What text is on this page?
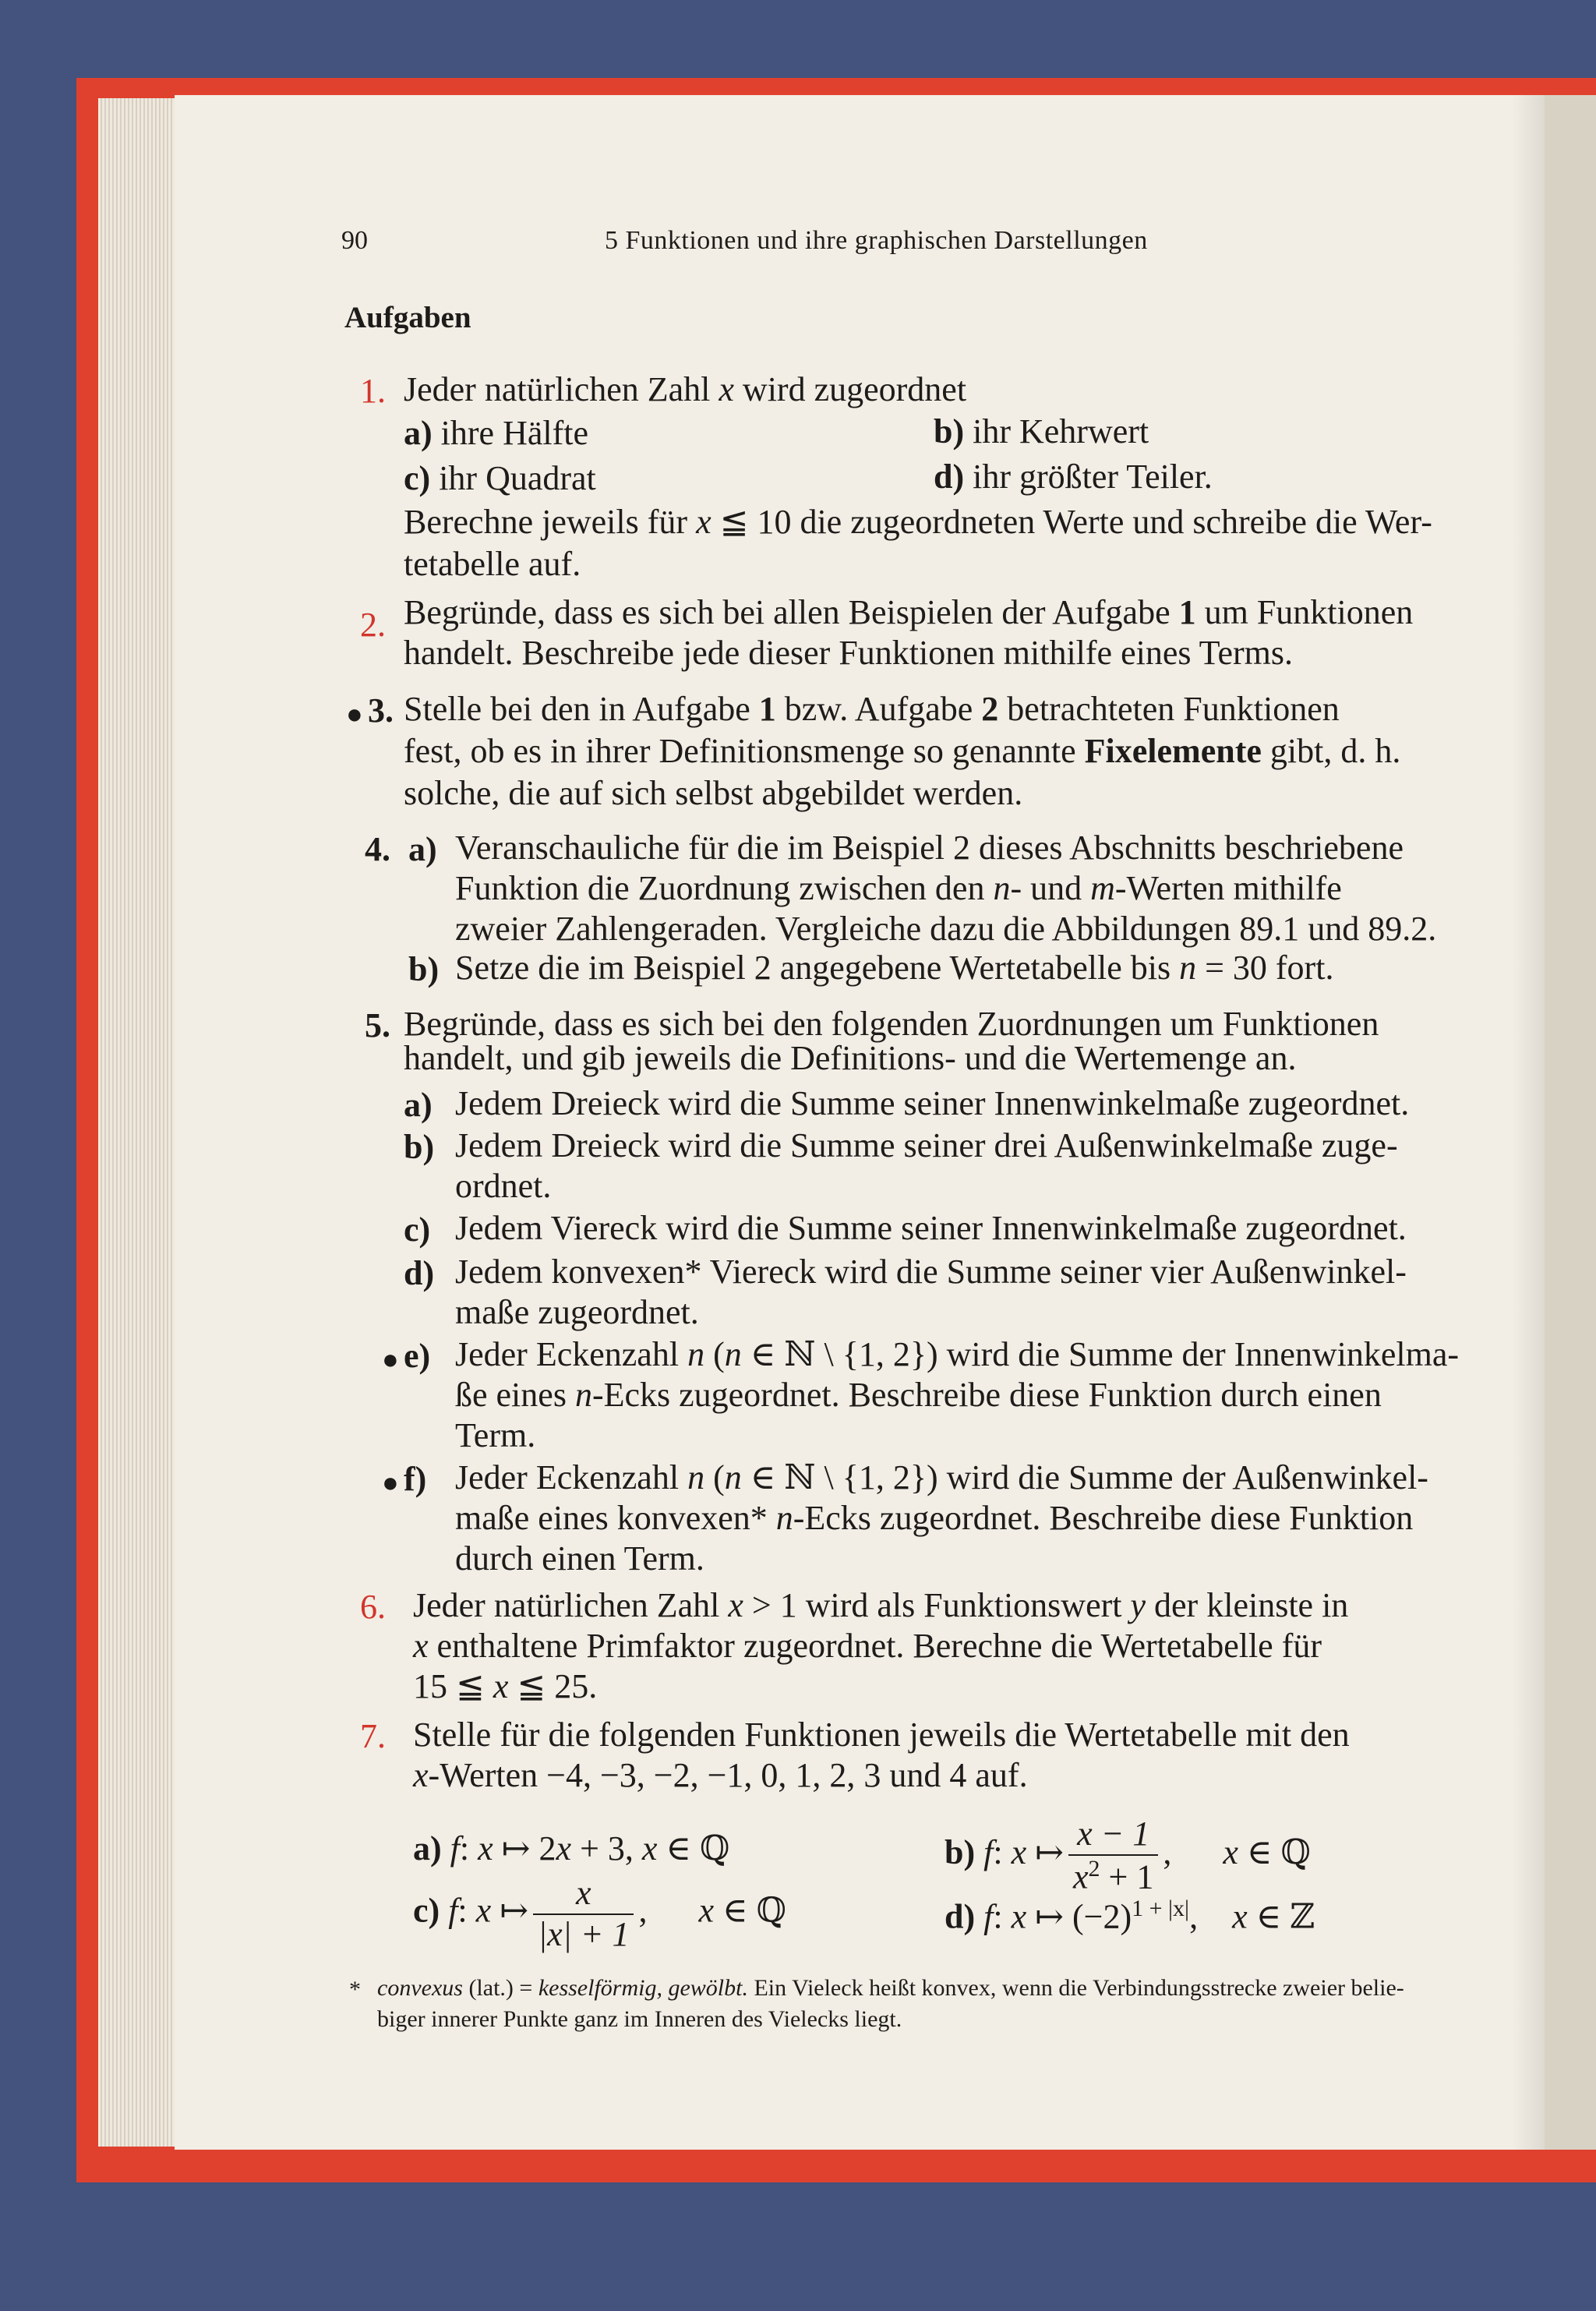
90	5 Funktionen und ihre graphischen Darstellungen
Aufgaben
1. Jeder natürlichen Zahl x wird zugeordnet
a) ihre Hälfte	b) ihr Kehrwert
c) ihr Quadrat	d) ihr größter Teiler.
Berechne jeweils für x ≦ 10 die zugeordneten Werte und schreibe die Wer-
tetabelle auf.
2. Begründe, dass es sich bei allen Beispielen der Aufgabe 1 um Funktionen
handelt. Beschreibe jede dieser Funktionen mithilfe eines Terms.
● 3. Stelle bei den in Aufgabe 1 bzw. Aufgabe 2 betrachteten Funktionen
fest, ob es in ihrer Definitionsmenge so genannte Fixelemente gibt, d. h.
solche, die auf sich selbst abgebildet werden.
4. a) Veranschauliche für die im Beispiel 2 dieses Abschnitts beschriebene
Funktion die Zuordnung zwischen den n- und m-Werten mithilfe
zweier Zahlengeraden. Vergleiche dazu die Abbildungen 89.1 und 89.2.
b) Setze die im Beispiel 2 angegebene Wertetabelle bis n = 30 fort.
5. Begründe, dass es sich bei den folgenden Zuordnungen um Funktionen
handelt, und gib jeweils die Definitions- und die Wertemenge an.
a) Jedem Dreieck wird die Summe seiner Innenwinkelmaße zugeordnet.
b) Jedem Dreieck wird die Summe seiner drei Außenwinkelmaße zuge-
ordnet.
c) Jedem Viereck wird die Summe seiner Innenwinkelmaße zugeordnet.
d) Jedem konvexen* Viereck wird die Summe seiner vier Außenwinkel-
maße zugeordnet.
● e) Jeder Eckenzahl n (n ∈ ℕ \ {1, 2}) wird die Summe der Innenwinkelma-
ße eines n-Ecks zugeordnet. Beschreibe diese Funktion durch einen
Term.
● f) Jeder Eckenzahl n (n ∈ ℕ \ {1, 2}) wird die Summe der Außenwinkel-
maße eines konvexen* n-Ecks zugeordnet. Beschreibe diese Funktion
durch einen Term.
6. Jeder natürlichen Zahl x > 1 wird als Funktionswert y der kleinste in
x enthaltene Primfaktor zugeordnet. Berechne die Wertetabelle für
15 ≦ x ≦ 25.
7. Stelle für die folgenden Funktionen jeweils die Wertetabelle mit den
x-Werten −4, −3, −2, −1, 0, 1, 2, 3 und 4 auf.
a) f: x ↦ 2x + 3, x ∈ ℚ	b) f: x ↦ $\frac{x - 1}{x^2 + 1}$ , x ∈ ℚ
c) f: x ↦ $\frac{x}{|x| + 1}$ , x ∈ ℚ	d) f: x ↦ $(-2)^{1 + |x|}$, x ∈ ℤ
* convexus (lat.) = kesselförmig, gewölbt. Ein Vieleck heißt konvex, wenn die Verbindungsstrecke zweier belie-
biger innerer Punkte ganz im Inneren des Vielecks liegt.
